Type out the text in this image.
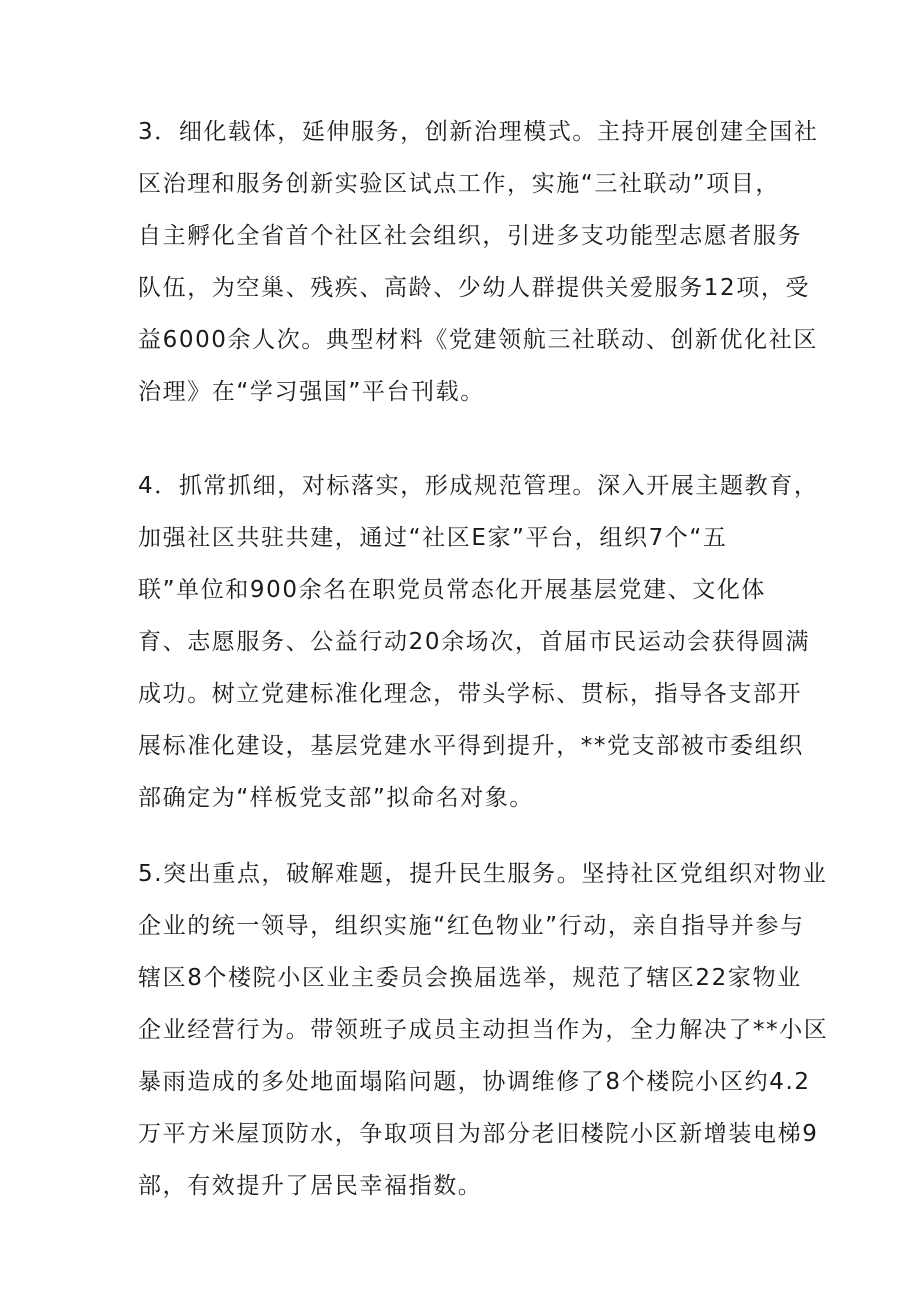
3．细化载体，延伸服务，创新治理模式。主持开展创建全国社
区治理和服务创新实验区试点工作，实施“三社联动”项目，
自主孵化全省首个社区社会组织，引进多支功能型志愿者服务
队伍，为空巢、残疾、高龄、少幼人群提供关爱服务12项，受
益6000余人次。典型材料《党建领航三社联动、创新优化社区
治理》在“学习强国”平台刊载。
4．抓常抓细，对标落实，形成规范管理。深入开展主题教育，
加强社区共驻共建，通过“社区E家”平台，组织7个“五
联”单位和900余名在职党员常态化开展基层党建、文化体
育、志愿服务、公益行动20余场次，首届市民运动会获得圆满
成功。树立党建标准化理念，带头学标、贯标，指导各支部开
展标准化建设，基层党建水平得到提升，**党支部被市委组织
部确定为“样板党支部”拟命名对象。
5.突出重点，破解难题，提升民生服务。坚持社区党组织对物业
企业的统一领导，组织实施“红色物业”行动，亲自指导并参与
辖区8个楼院小区业主委员会换届选举，规范了辖区22家物业
企业经营行为。带领班子成员主动担当作为，全力解决了**小区
暴雨造成的多处地面塌陷问题，协调维修了8个楼院小区约4.2
万平方米屋顶防水，争取项目为部分老旧楼院小区新增装电梯9
部，有效提升了居民幸福指数。
